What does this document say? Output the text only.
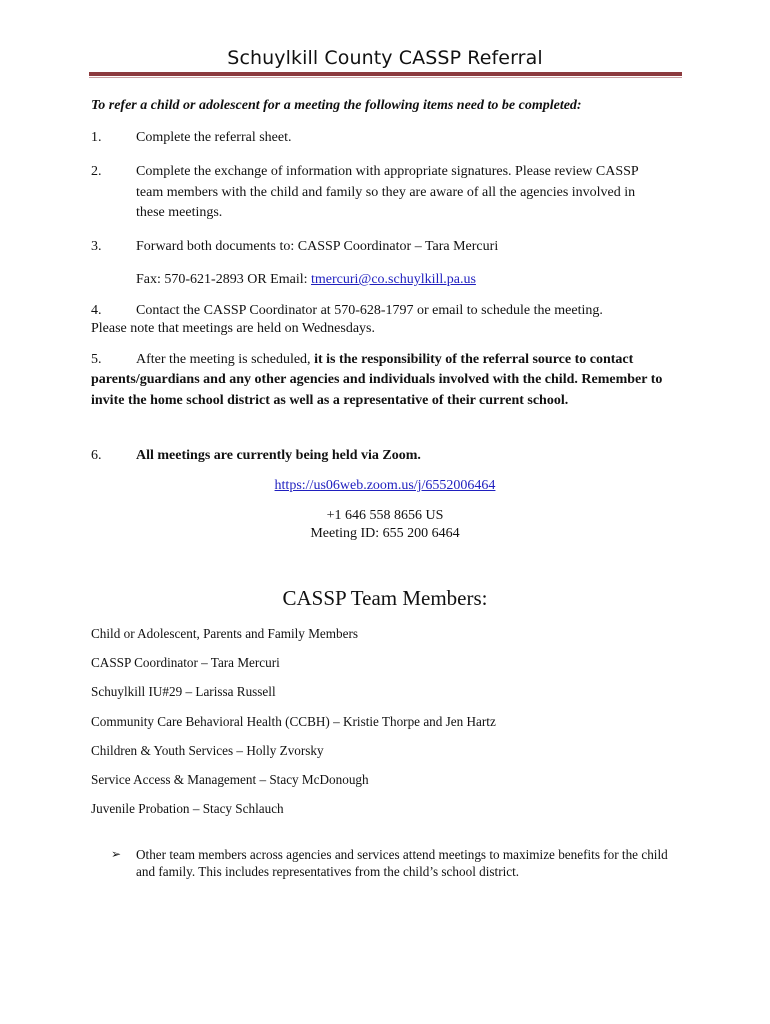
Schuylkill County CASSP Referral
To refer a child or adolescent for a meeting the following items need to be completed:
1. Complete the referral sheet.
2. Complete the exchange of information with appropriate signatures. Please review CASSP team members with the child and family so they are aware of all the agencies involved in these meetings.
3. Forward both documents to: CASSP Coordinator – Tara Mercuri
Fax: 570-621-2893 OR Email: tmercuri@co.schuylkill.pa.us
4. Contact the CASSP Coordinator at 570-628-1797 or email to schedule the meeting.
Please note that meetings are held on Wednesdays.
5. After the meeting is scheduled, it is the responsibility of the referral source to contact
parents/guardians and any other agencies and individuals involved with the child. Remember to invite the home school district as well as a representative of their current school.
6. All meetings are currently being held via Zoom.
https://us06web.zoom.us/j/6552006464
+1 646 558 8656 US
Meeting ID: 655 200 6464
CASSP Team Members:
Child or Adolescent, Parents and Family Members
CASSP Coordinator – Tara Mercuri
Schuylkill IU#29 – Larissa Russell
Community Care Behavioral Health (CCBH) – Kristie Thorpe and Jen Hartz
Children & Youth Services – Holly Zvorsky
Service Access & Management – Stacy McDonough
Juvenile Probation – Stacy Schlauch
➢ Other team members across agencies and services attend meetings to maximize benefits for the child and family. This includes representatives from the child’s school district.
